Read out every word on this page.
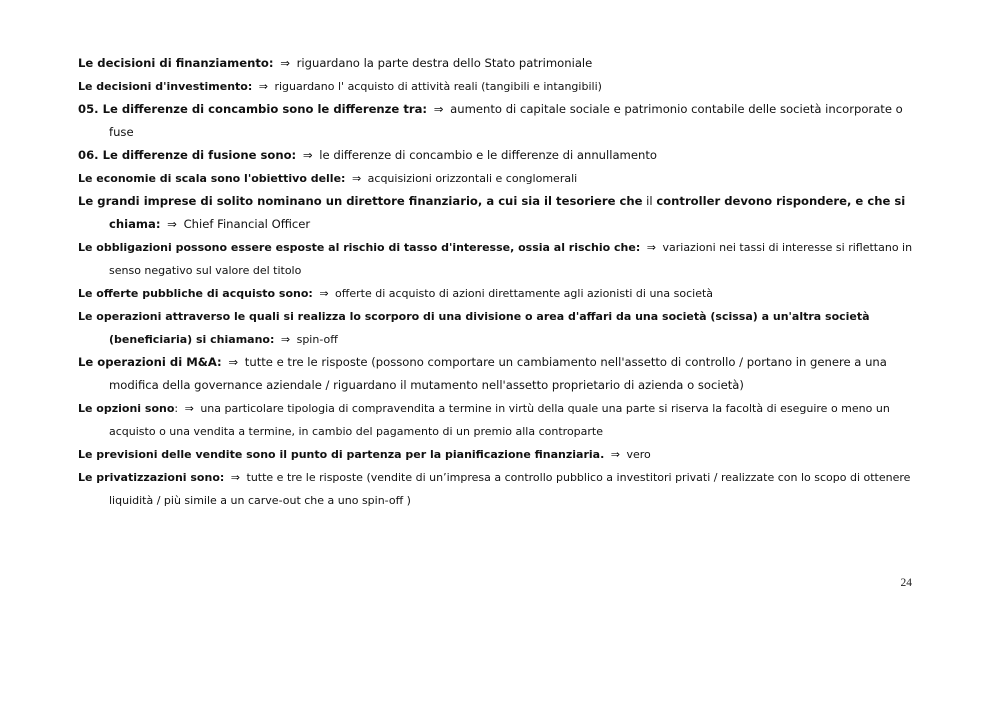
Le decisioni di finanziamento: ⇒ riguardano la parte destra dello Stato patrimoniale

Le decisioni d'investimento: ⇒ riguardano l' acquisto di attività reali (tangibili e intangibili)

05. Le differenze di concambio sono le differenze tra: ⇒ aumento di capitale sociale e patrimonio contabile delle società incorporate o fuse

06. Le differenze di fusione sono: ⇒ le differenze di concambio e le differenze di annullamento

Le economie di scala sono l'obiettivo delle: ⇒ acquisizioni orizzontali e conglomerali

Le grandi imprese di solito nominano un direttore finanziario, a cui sia il tesoriere che il controller devono rispondere, e che si chiama: ⇒ Chief Financial Officer

Le obbligazioni possono essere esposte al rischio di tasso d'interesse, ossia al rischio che: ⇒ variazioni nei tassi di interesse si riflettano in senso negativo sul valore del titolo

Le offerte pubbliche di acquisto sono: ⇒ offerte di acquisto di azioni direttamente agli azionisti di una società

Le operazioni attraverso le quali si realizza lo scorporo di una divisione o area d'affari da una società (scissa) a un'altra società (beneficiaria) si chiamano: ⇒ spin-off

Le operazioni di M&A: ⇒ tutte e tre le risposte (possono comportare un cambiamento nell'assetto di controllo / portano in genere a una modifica della governance aziendale / riguardano il mutamento nell'assetto proprietario di azienda o società)

Le opzioni sono: ⇒ una particolare tipologia di compravendita a termine in virtù della quale una parte si riserva la facoltà di eseguire o meno un acquisto o una vendita a termine, in cambio del pagamento di un premio alla controparte

Le previsioni delle vendite sono il punto di partenza per la pianificazione finanziaria. ⇒ vero

Le privatizzazioni sono: ⇒ tutte e tre le risposte (vendite di un’impresa a controllo pubblico a investitori privati / realizzate con lo scopo di ottenere liquidità / più simile a un carve-out che a uno spin-off )

24
